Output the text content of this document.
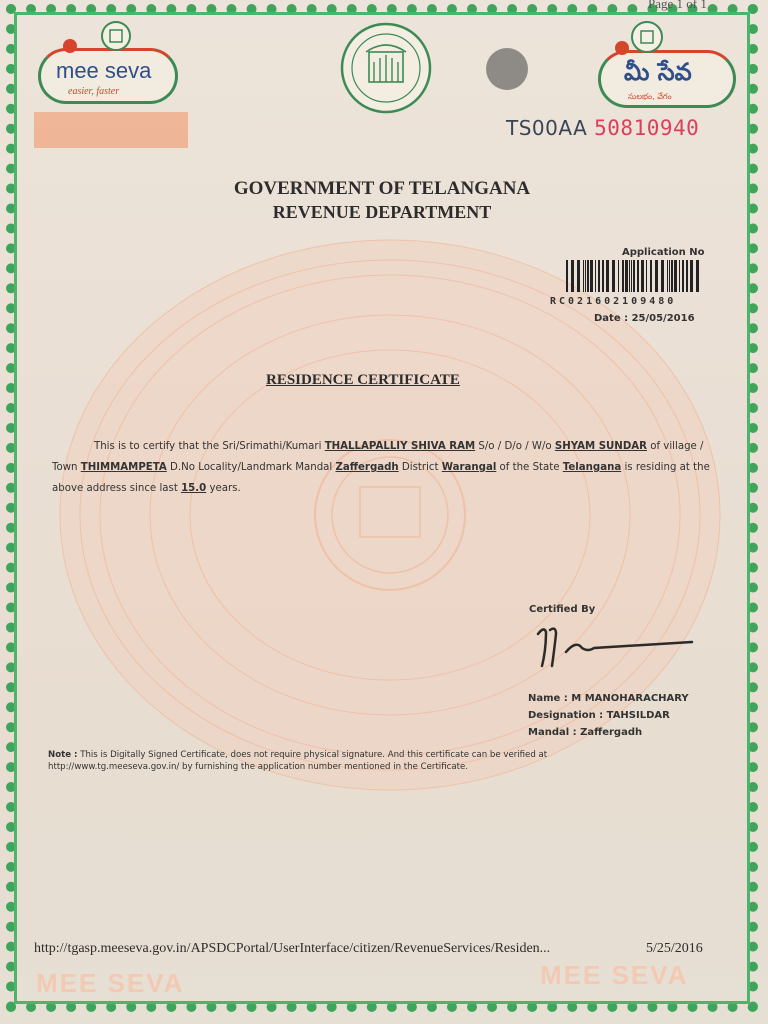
Page 1 of 1
mee seva
easier, faster
మీ సేవ
సులభం, వేగం
TS00AA 50810940
GOVERNMENT OF TELANGANA
REVENUE DEPARTMENT
Application No
RC021602109480
Date : 25/05/2016
RESIDENCE CERTIFICATE
This is to certify that the Sri/Srimathi/Kumari THALLAPALLIY SHIVA RAM S/o / D/o / W/o SHYAM SUNDAR of village / Town THIMMAMPETA D.No Locality/Landmark Mandal Zaffergadh District Warangal of the State Telangana is residing at the above address since last 15.0 years.
Certified By
Name : M MANOHARACHARY
Designation : TAHSILDAR
Mandal : Zaffergadh
Note : This is Digitally Signed Certificate, does not require physical signature. And this certificate can be verified at http://www.tg.meeseva.gov.in/ by furnishing the application number mentioned in the Certificate.
http://tgasp.meeseva.gov.in/APSDCPortal/UserInterface/citizen/RevenueServices/Residen...	5/25/2016
MEE SEVA	MEE SEVA
